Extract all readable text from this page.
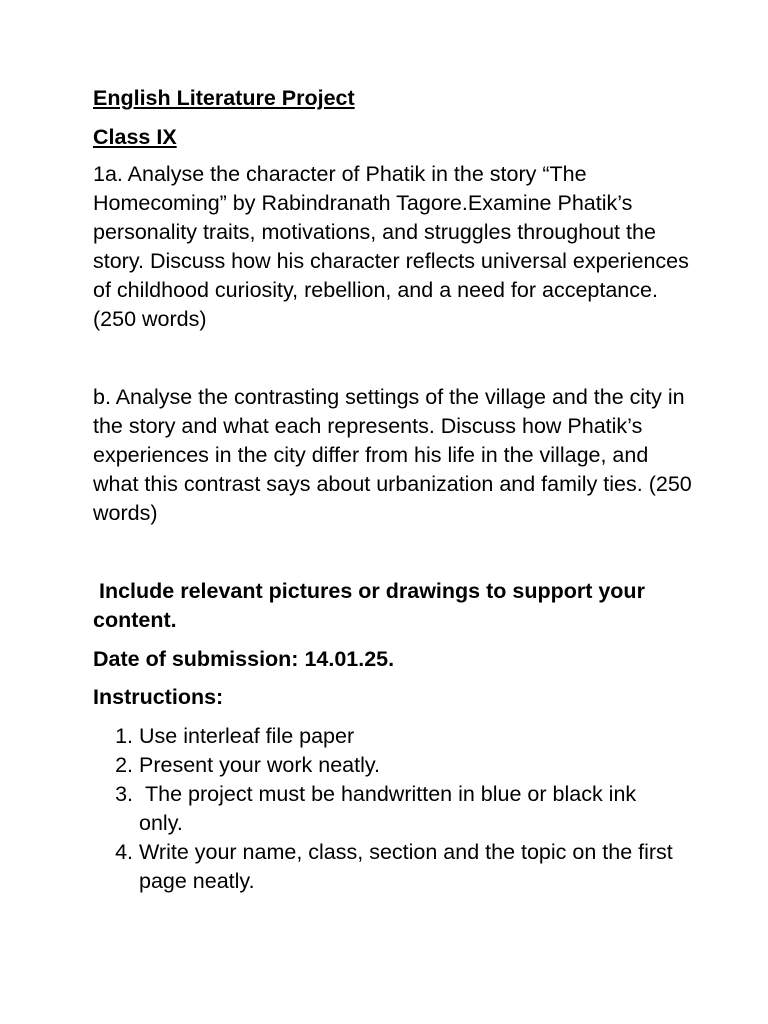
English Literature Project

Class IX

1a. Analyse the character of Phatik in the story “The Homecoming” by Rabindranath Tagore.Examine Phatik’s personality traits, motivations, and struggles throughout the story. Discuss how his character reflects universal experiences of childhood curiosity, rebellion, and a need for acceptance. (250 words)

b. Analyse the contrasting settings of the village and the city in the story and what each represents. Discuss how Phatik’s experiences in the city differ from his life in the village, and what this contrast says about urbanization and family ties. (250 words)

Include relevant pictures or drawings to support your content.

Date of submission: 14.01.25.

Instructions:

1. Use interleaf file paper
2. Present your work neatly.
3.  The project must be handwritten in blue or black ink only.
4. Write your name, class, section and the topic on the first page neatly.
